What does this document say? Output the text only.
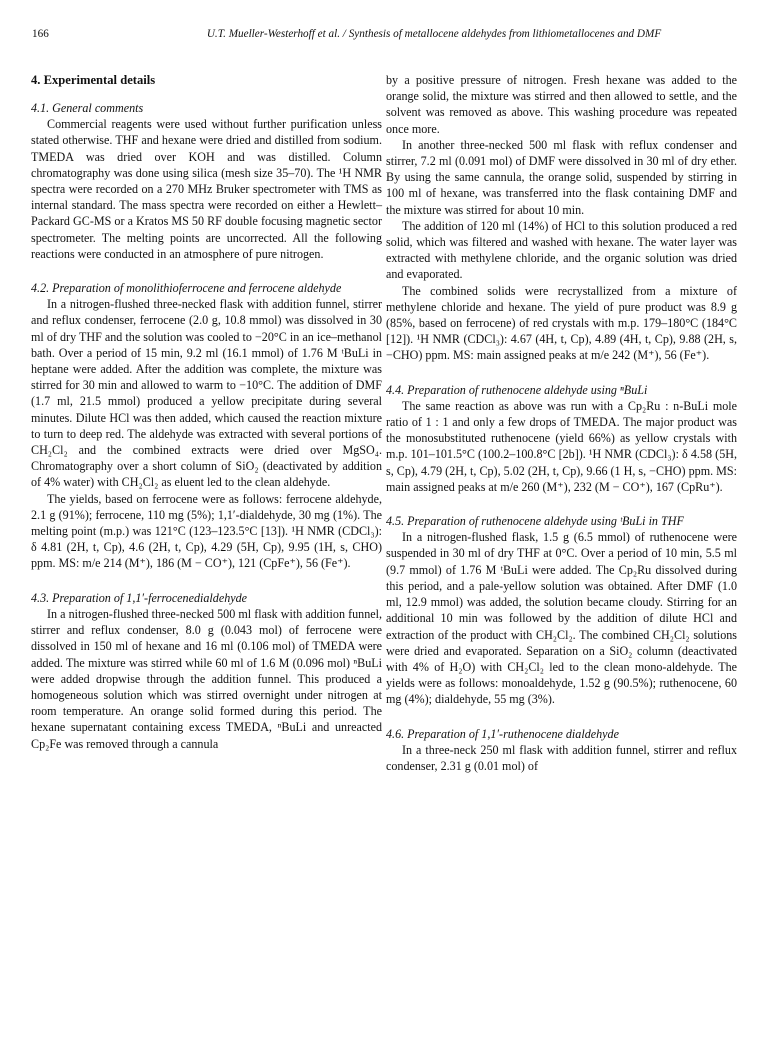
166	U.T. Mueller-Westerhoff et al. / Synthesis of metallocene aldehydes from lithiometallocenes and DMF
4. Experimental details
4.1. General comments

Commercial reagents were used without further purification unless stated otherwise. THF and hexane were dried and distilled from sodium. TMEDA was dried over KOH and was distilled. Column chromatography was done using silica (mesh size 35–70). The ¹H NMR spectra were recorded on a 270 MHz Bruker spectrometer with TMS as internal standard. The mass spectra were recorded on either a Hewlett–Packard GC-MS or a Kratos MS 50 RF double focusing magnetic sector spectrometer. The melting points are uncorrected. All the following reactions were conducted in an atmosphere of pure nitrogen.

4.2. Preparation of monolithioferrocene and ferrocene aldehyde

In a nitrogen-flushed three-necked flask with addition funnel, stirrer and reflux condenser, ferrocene (2.0 g, 10.8 mmol) was dissolved in 30 ml of dry THF and the solution was cooled to −20°C in an ice–methanol bath. Over a period of 15 min, 9.2 ml (16.1 mmol) of 1.76 M ᵗBuLi in heptane were added. After the addition was complete, the mixture was stirred for 30 min and allowed to warm to −10°C. The addition of DMF (1.7 ml, 21.5 mmol) produced a yellow precipitate during several minutes. Dilute HCl was then added, which caused the reaction mixture to turn to deep red. The aldehyde was extracted with several portions of CH₂Cl₂ and the combined extracts were dried over MgSO₄. Chromatography over a short column of SiO₂ (deactivated by addition of 4% water) with CH₂Cl₂ as eluent led to the clean aldehyde.

The yields, based on ferrocene were as follows: ferrocene aldehyde, 2.1 g (91%); ferrocene, 110 mg (5%); 1,1′-dialdehyde, 30 mg (1%). The melting point (m.p.) was 121°C (123–123.5°C [13]). ¹H NMR (CDCl₃): δ 4.81 (2H, t, Cp), 4.6 (2H, t, Cp), 4.29 (5H, Cp), 9.95 (1H, s, CHO) ppm. MS: m/e 214 (M⁺), 186 (M − CO⁺), 121 (CpFe⁺), 56 (Fe⁺).

4.3. Preparation of 1,1′-ferrocenedialdehyde

In a nitrogen-flushed three-necked 500 ml flask with addition funnel, stirrer and reflux condenser, 8.0 g (0.043 mol) of ferrocene were dissolved in 150 ml of hexane and 16 ml (0.106 mol) of TMEDA were added. The mixture was stirred while 60 ml of 1.6 M (0.096 mol) ⁿBuLi were added dropwise through the addition funnel. This produced a homogeneous solution which was stirred overnight under nitrogen at room temperature. An orange solid formed during this period. The hexane supernatant containing excess TMEDA, ⁿBuLi and unreacted Cp₂Fe was removed through a cannula

by a positive pressure of nitrogen. Fresh hexane was added to the orange solid, the mixture was stirred and then allowed to settle, and the solvent was removed as above. This washing procedure was repeated once more.

In another three-necked 500 ml flask with reflux condenser and stirrer, 7.2 ml (0.091 mol) of DMF were dissolved in 30 ml of dry ether. By using the same cannula, the orange solid, suspended by stirring in 100 ml of hexane, was transferred into the flask containing DMF and the mixture was stirred for about 10 min.

The addition of 120 ml (14%) of HCl to this solution produced a red solid, which was filtered and washed with hexane. The water layer was extracted with methylene chloride, and the organic solution was dried and evaporated.

The combined solids were recrystallized from a mixture of methylene chloride and hexane. The yield of pure product was 8.9 g (85%, based on ferrocene) of red crystals with m.p. 179–180°C (184°C [12]). ¹H NMR (CDCl₃): 4.67 (4H, t, Cp), 4.89 (4H, t, Cp), 9.88 (2H, s, −CHO) ppm. MS: main assigned peaks at m/e 242 (M⁺), 56 (Fe⁺).

4.4. Preparation of ruthenocene aldehyde using ⁿBuLi

The same reaction as above was run with a Cp₂Ru : n-BuLi mole ratio of 1 : 1 and only a few drops of TMEDA. The major product was the monosubstituted ruthenocene (yield 66%) as yellow crystals with m.p. 101–101.5°C (100.2–100.8°C [2b]). ¹H NMR (CDCl₃): δ 4.58 (5H, s, Cp), 4.79 (2H, t, Cp), 5.02 (2H, t, Cp), 9.66 (1 H, s, −CHO) ppm. MS: main assigned peaks at m/e 260 (M⁺), 232 (M − CO⁺), 167 (CpRu⁺).

4.5. Preparation of ruthenocene aldehyde using ᵗBuLi in THF

In a nitrogen-flushed flask, 1.5 g (6.5 mmol) of ruthenocene were suspended in 30 ml of dry THF at 0°C. Over a period of 10 min, 5.5 ml (9.7 mmol) of 1.76 M ᵗBuLi were added. The Cp₂Ru dissolved during this period, and a pale-yellow solution was obtained. After DMF (1.0 ml, 12.9 mmol) was added, the solution became cloudy. Stirring for an additional 10 min was followed by the addition of dilute HCl and extraction of the product with CH₂Cl₂. The combined CH₂Cl₂ solutions were dried and evaporated. Separation on a SiO₂ column (deactivated with 4% of H₂O) with CH₂Cl₂ led to the clean mono-aldehyde. The yields were as follows: monoaldehyde, 1.52 g (90.5%); ruthenocene, 60 mg (4%); dialdehyde, 55 mg (3%).

4.6. Preparation of 1,1′-ruthenocene dialdehyde

In a three-neck 250 ml flask with addition funnel, stirrer and reflux condenser, 2.31 g (0.01 mol) of
